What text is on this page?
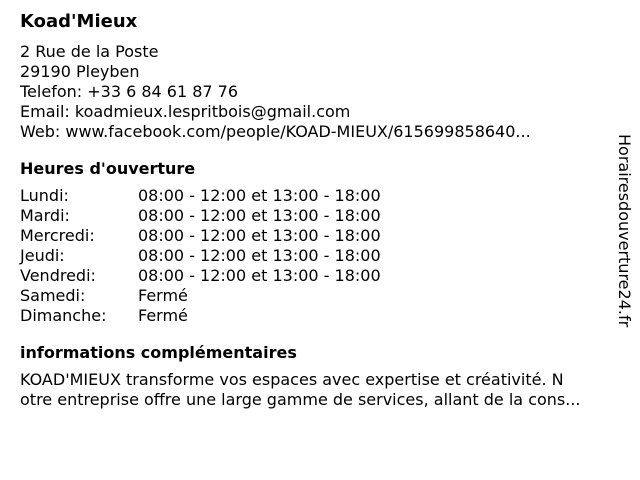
Koad'Mieux
2 Rue de la Poste
29190 Pleyben
Telefon: +33 6 84 61 87 76
Email: koadmieux.lespritbois@gmail.com
Web: www.facebook.com/people/KOAD-MIEUX/615699858640...
Heures d'ouverture
Lundi:	08:00 - 12:00 et 13:00 - 18:00
Mardi:	08:00 - 12:00 et 13:00 - 18:00
Mercredi:	08:00 - 12:00 et 13:00 - 18:00
Jeudi:	08:00 - 12:00 et 13:00 - 18:00
Vendredi:	08:00 - 12:00 et 13:00 - 18:00
Samedi:	Fermé
Dimanche:	Fermé
informations complémentaires
KOAD'MIEUX transforme vos espaces avec expertise et créativité. N
otre entreprise offre une large gamme de services, allant de la cons...
Horairesdouverture24.fr
